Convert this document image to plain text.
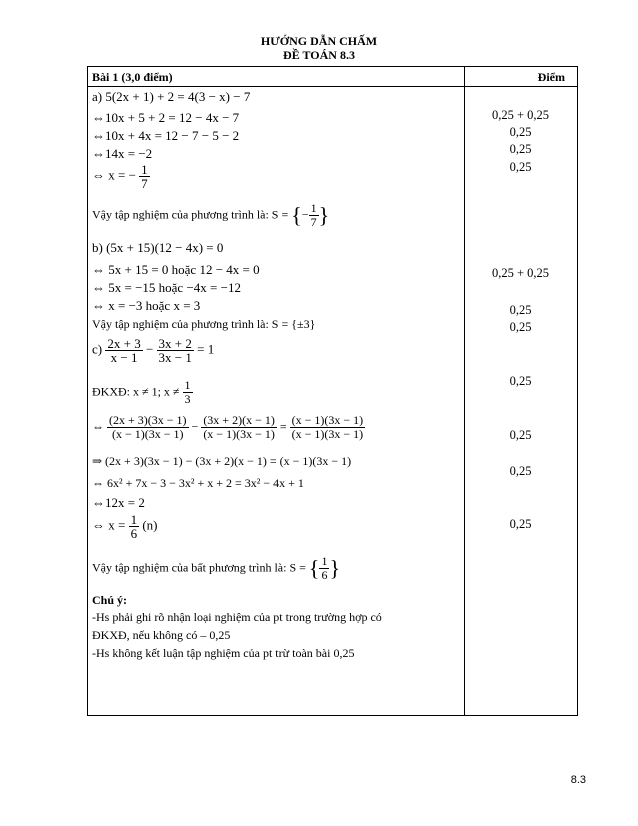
HƯỚNG DẪN CHẤM
ĐỀ TOÁN 8.3
Bài 1 (3,0 điểm)	Điểm
a) 5(2x + 1) + 2 = 4(3 − x) − 7
⇔10x + 5 + 2 = 12 − 4x − 7
⇔10x + 4x = 12 − 7 − 5 − 2
⇔14x = −2
⇔ x = − $\frac{1}{7}$
Vậy tập nghiệm của phương trình là: S = {− $\frac{1}{7}$ }
b) (5x + 15)(12 − 4x) = 0
⇔ 5x + 15 = 0 hoặc 12 − 4x = 0
⇔ 5x = −15 hoặc −4x = −12
⇔ x = −3 hoặc x = 3
Vậy tập nghiệm của phương trình là: S = {±3}
$c) \frac{2x + 3}{x - 1} - \frac{3x + 2}{3x - 1} = 1$
ĐKXĐ: x ≠ 1; $x \ne \frac{1}{3}$
⇔ $\frac{(2x + 3)(3x - 1)}{(x - 1)(3x - 1)} - \frac{(3x + 2)(x - 1)}{(x - 1)(3x - 1)} = \frac{(x - 1)(3x - 1)}{(x - 1)(3x - 1)}$
⇒ (2x + 3)(3x − 1) − (3x + 2)(x − 1) = (x − 1)(3x − 1)
⇔ 6x² + 7x − 3 − 3x² + x + 2 = 3x² − 4x + 1
⇔12x = 2
⇔ $x = \frac{1}{6} (n)$
Vậy tập nghiệm của bất phương trình là: S = { $\frac{1}{6}$ }
Chú ý:
-Hs phải ghi rõ nhận loại nghiệm của pt trong trường hợp có
ĐKXĐ, nếu không có – 0,25
-Hs không kết luận tập nghiệm của pt trừ toàn bài 0,25
0,25 + 0,25
0,25
0,25
0,25
0,25 + 0,25
0,25
0,25
0,25
0,25
0,25
0,25
8.3
